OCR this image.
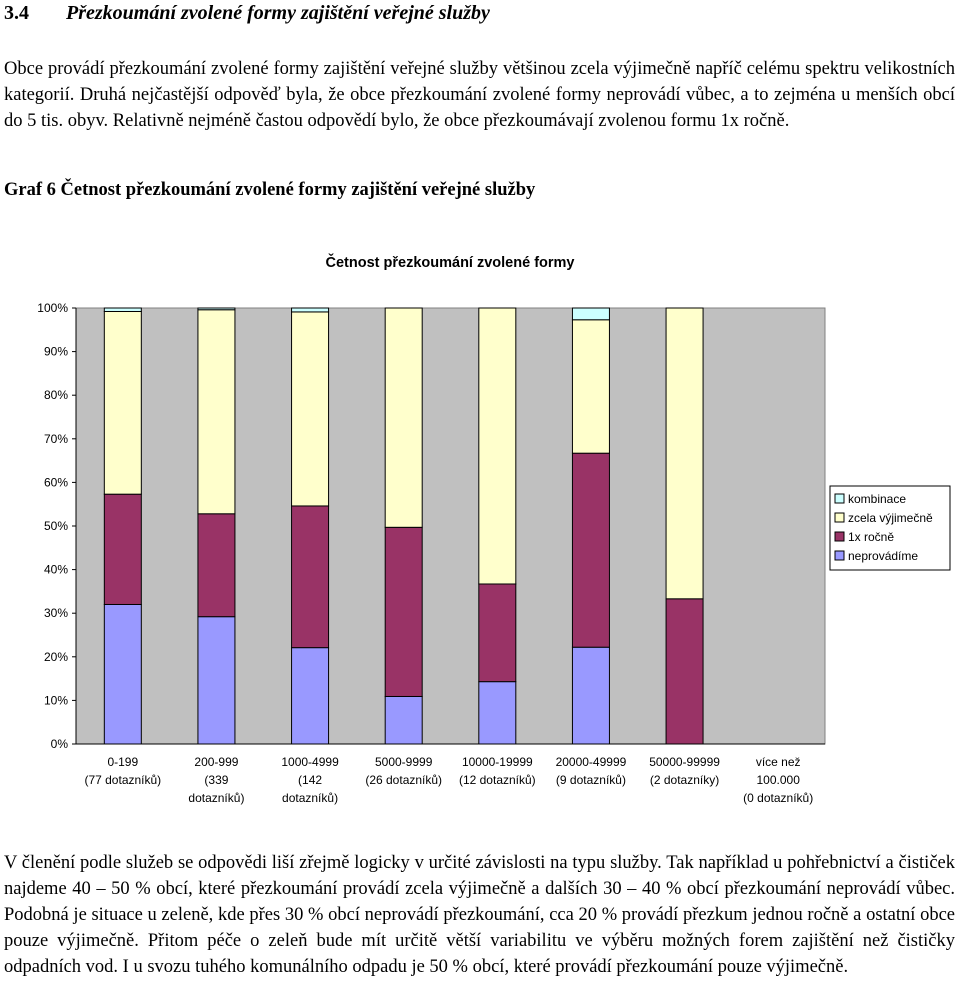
3.4 Přezkoumání zvolené formy zajištění veřejné služby
Obce provádí přezkoumání zvolené formy zajištění veřejné služby většinou zcela výjimečně napříč celému spektru velikostních kategorií. Druhá nejčastější odpověď byla, že obce přezkoumání zvolené formy neprovádí vůbec, a to zejména u menších obcí do 5 tis. obyv. Relativně nejméně častou odpovědí bylo, že obce přezkoumávají zvolenou formu 1x ročně.
Graf 6 Četnost přezkoumání zvolené formy zajištění veřejné služby
Četnost přezkoumání zvolené formy
0%
10%
20%
30%
40%
50%
60%
70%
80%
90%
100%
0-199
(77 dotazníků)
200-999
(339
dotazníků)
1000-4999
(142
dotazníků)
5000-9999
(26 dotazníků)
10000-19999
(12 dotazníků)
20000-49999
(9 dotazníků)
50000-99999
(2 dotazníky)
více než
100.000
(0 dotazníků)
kombinace
zcela výjimečně
1x ročně
neprovádíme
V členění podle služeb se odpovědi liší zřejmě logicky v určité závislosti na typu služby. Tak například u pohřebnictví a čističek najdeme 40 – 50 % obcí, které přezkoumání provádí zcela výjimečně a dalších 30 – 40 % obcí přezkoumání neprovádí vůbec. Podobná je situace u zeleně, kde přes 30 % obcí neprovádí přezkoumání, cca 20 % provádí přezkum jednou ročně a ostatní obce pouze výjimečně. Přitom péče o zeleň bude mít určitě větší variabilitu ve výběru možných forem zajištění než čističky odpadních vod. I u svozu tuhého komunálního odpadu je 50 % obcí, které provádí přezkoumání pouze výjimečně.
